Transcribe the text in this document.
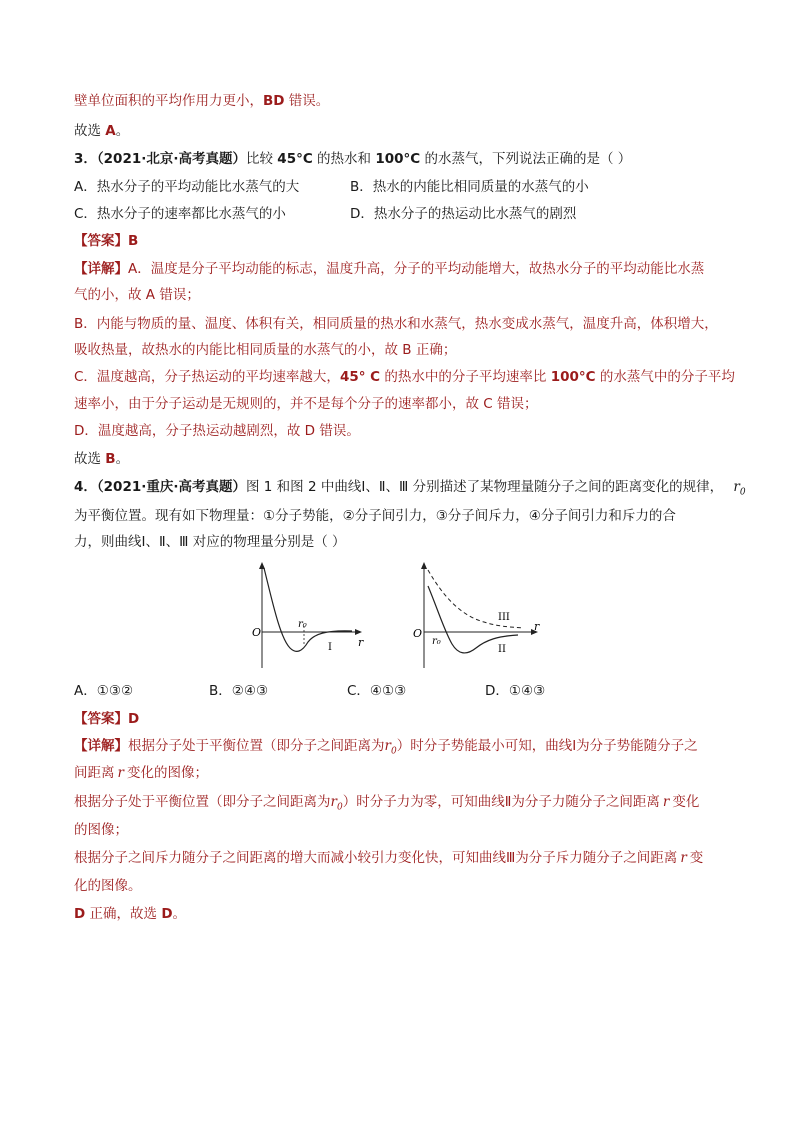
壁单位面积的平均作用力更小，BD 错误。
故选 A。
3．（2021·北京·高考真题）比较 45°C 的热水和 100°C 的水蒸气，下列说法正确的是（ ）
A．热水分子的平均动能比水蒸气的大	B．热水的内能比相同质量的水蒸气的小
C．热水分子的速率都比水蒸气的小	D．热水分子的热运动比水蒸气的剧烈
【答案】B
【详解】A．温度是分子平均动能的标志，温度升高，分子的平均动能增大，故热水分子的平均动能比水蒸
气的小，故 A 错误；
B．内能与物质的量、温度、体积有关，相同质量的热水和水蒸气，热水变成水蒸气，温度升高，体积增大，
吸收热量，故热水的内能比相同质量的水蒸气的小，故 B 正确；
C．温度越高，分子热运动的平均速率越大，45° C 的热水中的分子平均速率比 100°C 的水蒸气中的分子平均
速率小，由于分子运动是无规则的，并不是每个分子的速率都小，故 C 错误；
D．温度越高，分子热运动越剧烈，故 D 错误。
故选 B。
4．（2021·重庆·高考真题）图 1 和图 2 中曲线Ⅰ、Ⅱ、Ⅲ 分别描述了某物理量随分子之间的距离变化的规律， $r_0$
为平衡位置。现有如下物理量：①分子势能，②分子间引力，③分子间斥力，④分子间引力和斥力的合
力，则曲线Ⅰ、Ⅱ、Ⅲ 对应的物理量分别是（ ）
O
r₀
r
I
O
r₀
r
II
III
A．①③②	B．②④③	C．④①③	D．①④③
【答案】D
【详解】根据分子处于平衡位置（即分子之间距离为$r_0$）时分子势能最小可知，曲线Ⅰ为分子势能随分子之
间距离 r 变化的图像；
根据分子处于平衡位置（即分子之间距离为$r_0$）时分子力为零，可知曲线Ⅱ为分子力随分子之间距离 r 变化
的图像；
根据分子之间斥力随分子之间距离的增大而减小较引力变化快，可知曲线Ⅲ为分子斥力随分子之间距离 r 变
化的图像。
D 正确，故选 D。
